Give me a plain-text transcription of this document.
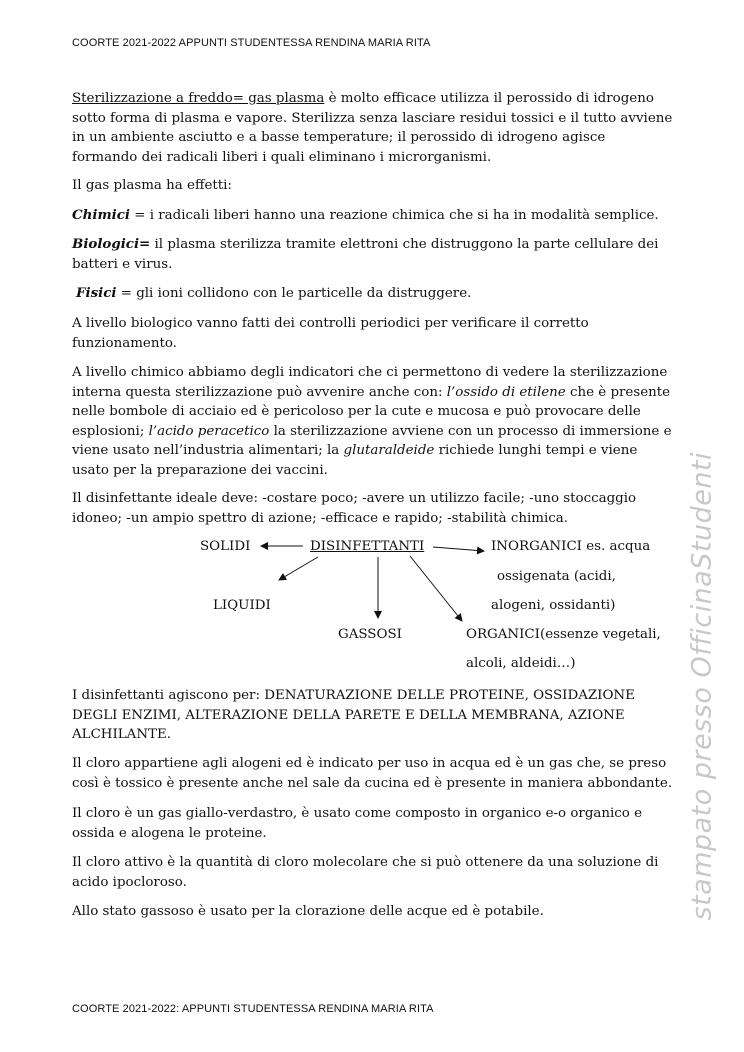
COORTE 2021-2022 APPUNTI STUDENTESSA RENDINA MARIA RITA

Sterilizzazione a freddo= gas plasma è molto efficace utilizza il perossido di idrogeno sotto forma di plasma e vapore. Sterilizza senza lasciare residui tossici e il tutto avviene in un ambiente asciutto e a basse temperature; il perossido di idrogeno agisce formando dei radicali liberi i quali eliminano i microrganismi.

Il gas plasma ha effetti:

Chimici = i radicali liberi hanno una reazione chimica che si ha in modalità semplice.

Biologici= il plasma sterilizza tramite elettroni che distruggono la parte cellulare dei batteri e virus.

Fisici = gli ioni collidono con le particelle da distruggere.

A livello biologico vanno fatti dei controlli periodici per verificare il corretto funzionamento.

A livello chimico abbiamo degli indicatori che ci permettono di vedere la sterilizzazione interna questa sterilizzazione può avvenire anche con: l’ossido di etilene che è presente nelle bombole di acciaio ed è pericoloso per la cute e mucosa e può provocare delle esplosioni; l’acido peracetico la sterilizzazione avviene con un processo di immersione e viene usato nell’industria alimentari; la glutaraldeide richiede lunghi tempi e viene usato per la preparazione dei vaccini.

Il disinfettante ideale deve: -costare poco; -avere un utilizzo facile; -uno stoccaggio idoneo; -un ampio spettro di azione; -efficace e rapido; -stabilità chimica.

SOLIDI	DISINFETTANTI	INORGANICI es. acqua
ossigenata (acidi,
alogeni, ossidanti)
LIQUIDI
GASSOSI	ORGANICI(essenze vegetali,
alcoli, aldeidi…)

I disinfettanti agiscono per: DENATURAZIONE DELLE PROTEINE, OSSIDAZIONE DEGLI ENZIMI, ALTERAZIONE DELLA PARETE E DELLA MEMBRANA, AZIONE ALCHILANTE.

Il cloro appartiene agli alogeni ed è indicato per uso in acqua ed è un gas che, se preso così è tossico è presente anche nel sale da cucina ed è presente in maniera abbondante.

Il cloro è un gas giallo-verdastro, è usato come composto in organico e-o organico e ossida e alogena le proteine.

Il cloro attivo è la quantità di cloro molecolare che si può ottenere da una soluzione di acido ipocloroso.

Allo stato gassoso è usato per la clorazione delle acque ed è potabile.	stampato presso OfficinaStudenti
COORTE 2021-2022: APPUNTI STUDENTESSA RENDINA MARIA RITA
